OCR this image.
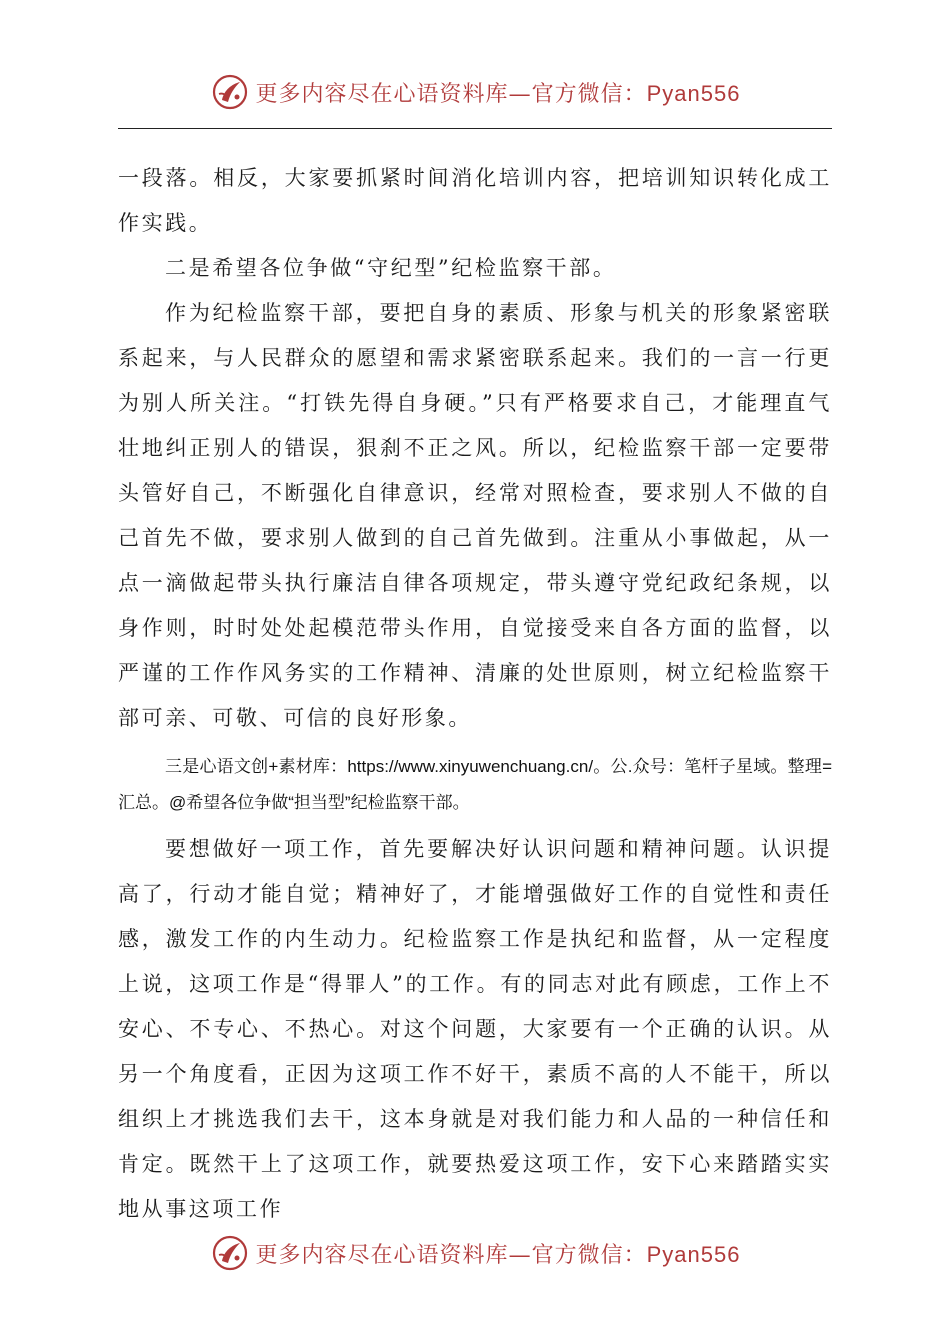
更多内容尽在心语资料库—官方微信：Pyan556

一段落。相反，大家要抓紧时间消化培训内容，把培训知识转化成工作实践。

二是希望各位争做“守纪型”纪检监察干部。

作为纪检监察干部，要把自身的素质、形象与机关的形象紧密联系起来，与人民群众的愿望和需求紧密联系起来。我们的一言一行更为别人所关注。“打铁先得自身硬。”只有严格要求自己，才能理直气壮地纠正别人的错误，狠刹不正之风。所以，纪检监察干部一定要带头管好自己，不断强化自律意识，经常对照检查，要求别人不做的自己首先不做，要求别人做到的自己首先做到。注重从小事做起，从一点一滴做起带头执行廉洁自律各项规定，带头遵守党纪政纪条规，以身作则，时时处处起模范带头作用，自觉接受来自各方面的监督，以严谨的工作作风务实的工作精神、清廉的处世原则，树立纪检监察干部可亲、可敬、可信的良好形象。

三是心语文创+素材库：https://www.xinyuwenchuang.cn/。公.众号：笔杆子星域。整理=汇总。@希望各位争做“担当型”纪检监察干部。

要想做好一项工作，首先要解决好认识问题和精神问题。认识提高了，行动才能自觉；精神好了，才能增强做好工作的自觉性和责任感，激发工作的内生动力。纪检监察工作是执纪和监督，从一定程度上说，这项工作是“得罪人”的工作。有的同志对此有顾虑，工作上不安心、不专心、不热心。对这个问题，大家要有一个正确的认识。从另一个角度看，正因为这项工作不好干，素质不高的人不能干，所以组织上才挑选我们去干，这本身就是对我们能力和人品的一种信任和肯定。既然干上了这项工作，就要热爱这项工作，安下心来踏踏实实地从事这项工作

更多内容尽在心语资料库—官方微信：Pyan556
